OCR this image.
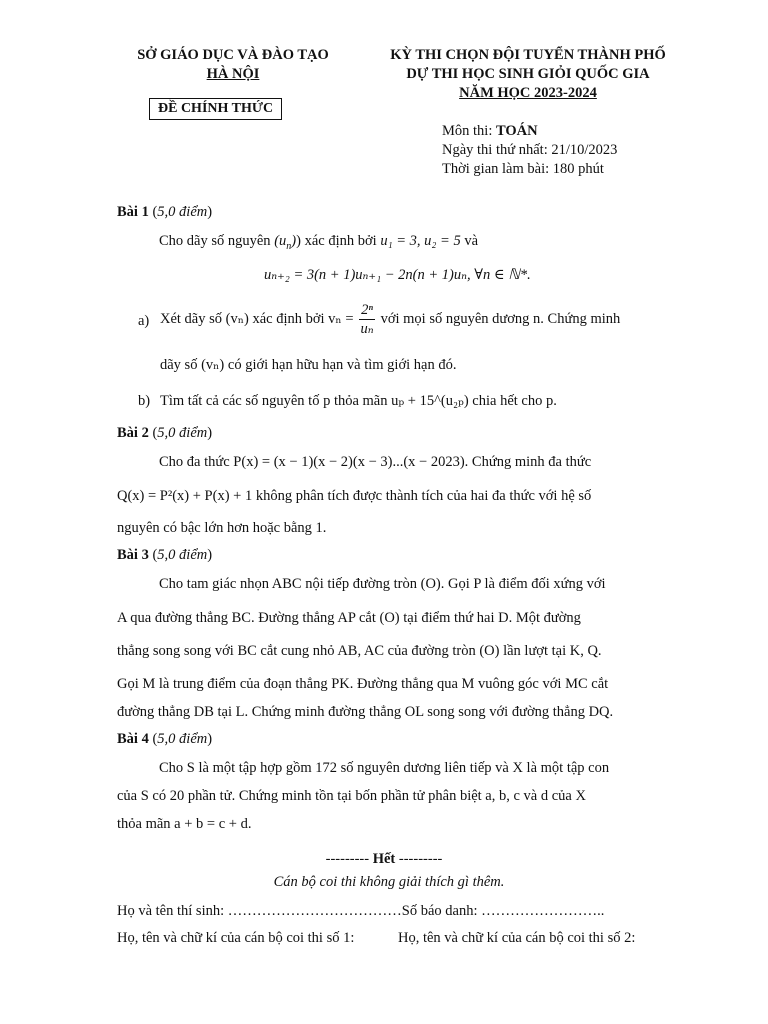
SỞ GIÁO DỤC VÀ ĐÀO TẠO
HÀ NỘI
ĐỀ CHÍNH THỨC
KỲ THI CHỌN ĐỘI TUYỂN THÀNH PHỐ
DỰ THI HỌC SINH GIỎI QUỐC GIA
NĂM HỌC 2023-2024
Môn thi: TOÁN
Ngày thi thứ nhất: 21/10/2023
Thời gian làm bài: 180 phút
Bài 1 (5,0 điểm)
Cho dãy số nguyên $(u_n)$) xác định bởi u₁ = 3, u₂ = 5 và
uₙ₊₂ = 3(n + 1)uₙ₊₁ − 2n(n + 1)uₙ, ∀n ∈ ℕ*.
a) Xét dãy số (vₙ) xác định bởi $v_n = \frac{\text{2ⁿ}}{\text{uₙ}}$ với mọi số nguyên dương n. Chứng minh
dãy số (vₙ) có giới hạn hữu hạn và tìm giới hạn đó.
b) Tìm tất cả các số nguyên tố p thỏa mãn uₚ + 15^(u₂ₚ) chia hết cho p.
Bài 2 (5,0 điểm)
Cho đa thức P(x) = (x − 1)(x − 2)(x − 3)...(x − 2023). Chứng minh đa thức
Q(x) = P²(x) + P(x) + 1 không phân tích được thành tích của hai đa thức với hệ số
nguyên có bậc lớn hơn hoặc bằng 1.
Bài 3 (5,0 điểm)
Cho tam giác nhọn ABC nội tiếp đường tròn (O). Gọi P là điểm đối xứng với
A qua đường thẳng BC. Đường thẳng AP cắt (O) tại điểm thứ hai D. Một đường
thẳng song song với BC cắt cung nhỏ AB, AC của đường tròn (O) lần lượt tại K, Q.
Gọi M là trung điểm của đoạn thẳng PK. Đường thẳng qua M vuông góc với MC cắt
đường thẳng DB tại L. Chứng minh đường thẳng OL song song với đường thẳng DQ.
Bài 4 (5,0 điểm)
Cho S là một tập hợp gồm 172 số nguyên dương liên tiếp và X là một tập con
của S có 20 phần tử. Chứng minh tồn tại bốn phần tử phân biệt a, b, c và d của X
thỏa mãn a + b = c + d.
--------- Hết ---------
Cán bộ coi thi không giải thích gì thêm.
Họ và tên thí sinh: ………………………………Số báo danh: ……………………..
Họ, tên và chữ kí của cán bộ coi thi số 1:	Họ, tên và chữ kí của cán bộ coi thi số 2:
